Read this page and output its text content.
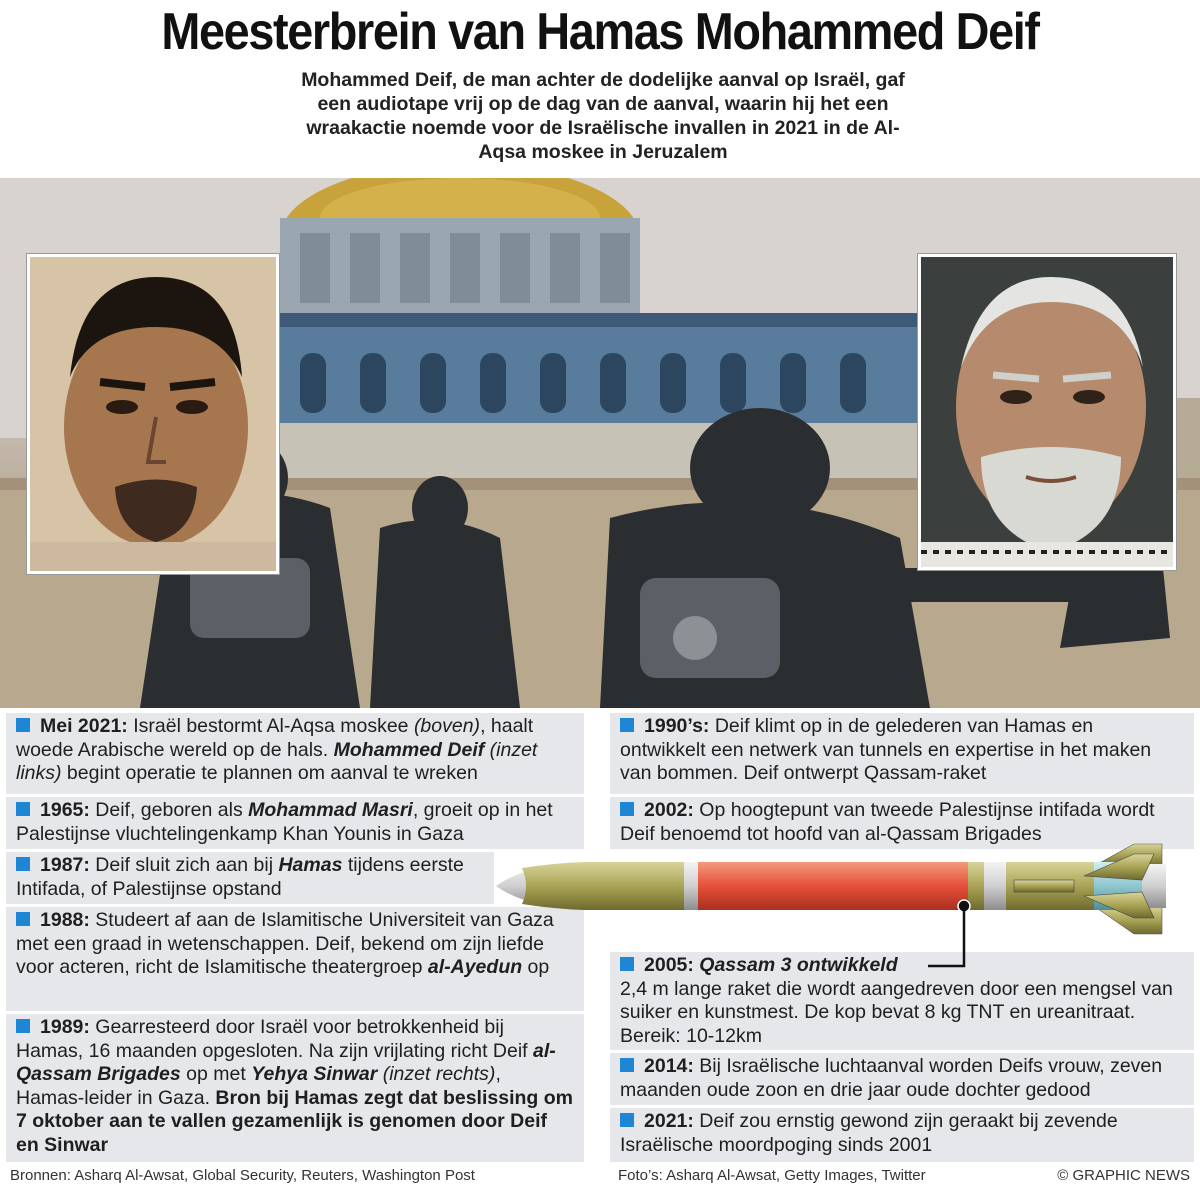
Meesterbrein van Hamas Mohammed Deif
Mohammed Deif, de man achter de dodelijke aanval op Israël, gaf een audiotape vrij op de dag van de aanval, waarin hij het een wraakactie noemde voor de Israëlische invallen in 2021 in de Al-Aqsa moskee in Jeruzalem
Mei 2021: Israël bestormt Al-Aqsa moskee (boven), haalt woede Arabische wereld op de hals. Mohammed Deif (inzet links) begint operatie te plannen om aanval te wreken
1965: Deif, geboren als Mohammad Masri, groeit op in het Palestijnse vluchtelingenkamp Khan Younis in Gaza
1987: Deif sluit zich aan bij Hamas tijdens eerste Intifada, of Palestijnse opstand
1988: Studeert af aan de Islamitische Universiteit van Gaza met een graad in wetenschappen. Deif, bekend om zijn liefde voor acteren, richt de Islamitische theatergroep al-Ayedun op
1989: Gearresteerd door Israël voor betrokkenheid bij Hamas, 16 maanden opgesloten. Na zijn vrijlating richt Deif al-Qassam Brigades op met Yehya Sinwar (inzet rechts), Hamas-leider in Gaza. Bron bij Hamas zegt dat beslissing om 7 oktober aan te vallen gezamenlijk is genomen door Deif en Sinwar
1990’s: Deif klimt op in de gelederen van Hamas en ontwikkelt een netwerk van tunnels en expertise in het maken van bommen. Deif ontwerpt Qassam-raket
2002: Op hoogtepunt van tweede Palestijnse intifada wordt Deif benoemd tot hoofd van al-Qassam Brigades
2005: Qassam 3 ontwikkeld
2,4 m lange raket die wordt aangedreven door een mengsel van suiker en kunstmest. De kop bevat 8 kg TNT en ureanitraat. Bereik: 10-12km
2014: Bij Israëlische luchtaanval worden Deifs vrouw, zeven maanden oude zoon en drie jaar oude dochter gedood
2021: Deif zou ernstig gewond zijn geraakt bij zevende Israëlische moordpoging sinds 2001
Bronnen: Asharq Al-Awsat, Global Security, Reuters, Washington Post	Foto’s: Asharq Al-Awsat, Getty Images, Twitter	© GRAPHIC NEWS
